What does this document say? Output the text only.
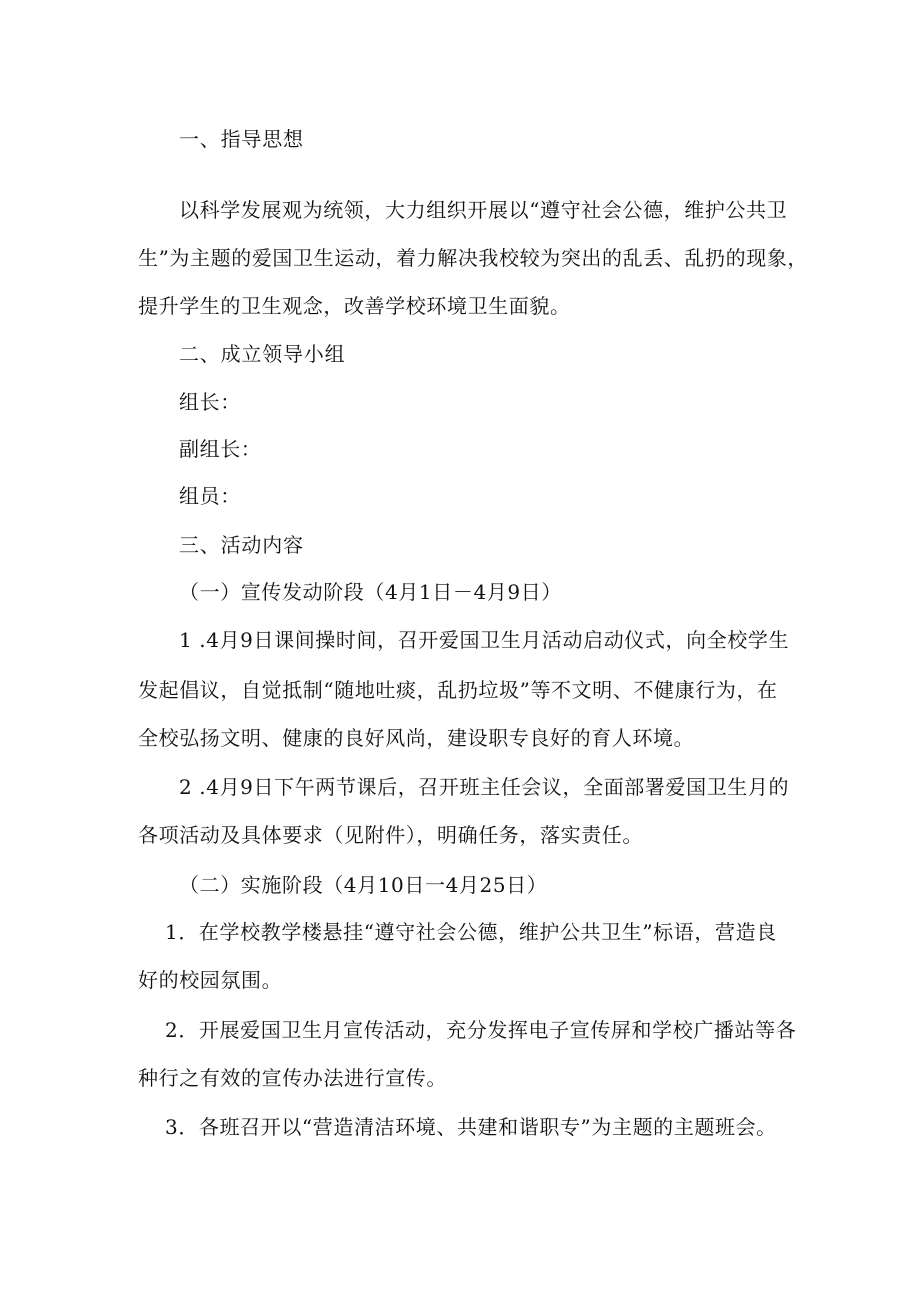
一、指导思想
以科学发展观为统领，大力组织开展以“遵守社会公德，维护公共卫
生”为主题的爱国卫生运动，着力解决我校较为突出的乱丢、乱扔的现象，
提升学生的卫生观念，改善学校环境卫生面貌。
二、成立领导小组
组长：
副组长：
组员：
三、活动内容
（一）宣传发动阶段（4月1日－4月9日）
1 .4月9日课间操时间，召开爱国卫生月活动启动仪式，向全校学生
发起倡议，自觉抵制“随地吐痰，乱扔垃圾”等不文明、不健康行为，在
全校弘扬文明、健康的良好风尚，建设职专良好的育人环境。
2 .4月9日下午两节课后，召开班主任会议，全面部署爱国卫生月的
各项活动及具体要求（见附件），明确任务，落实责任。
（二）实施阶段（4月10日一4月25日）
1．在学校教学楼悬挂“遵守社会公德，维护公共卫生”标语，营造良
好的校园氛围。
2．开展爱国卫生月宣传活动，充分发挥电子宣传屏和学校广播站等各
种行之有效的宣传办法进行宣传。
3．各班召开以“营造清洁环境、共建和谐职专”为主题的主题班会。
